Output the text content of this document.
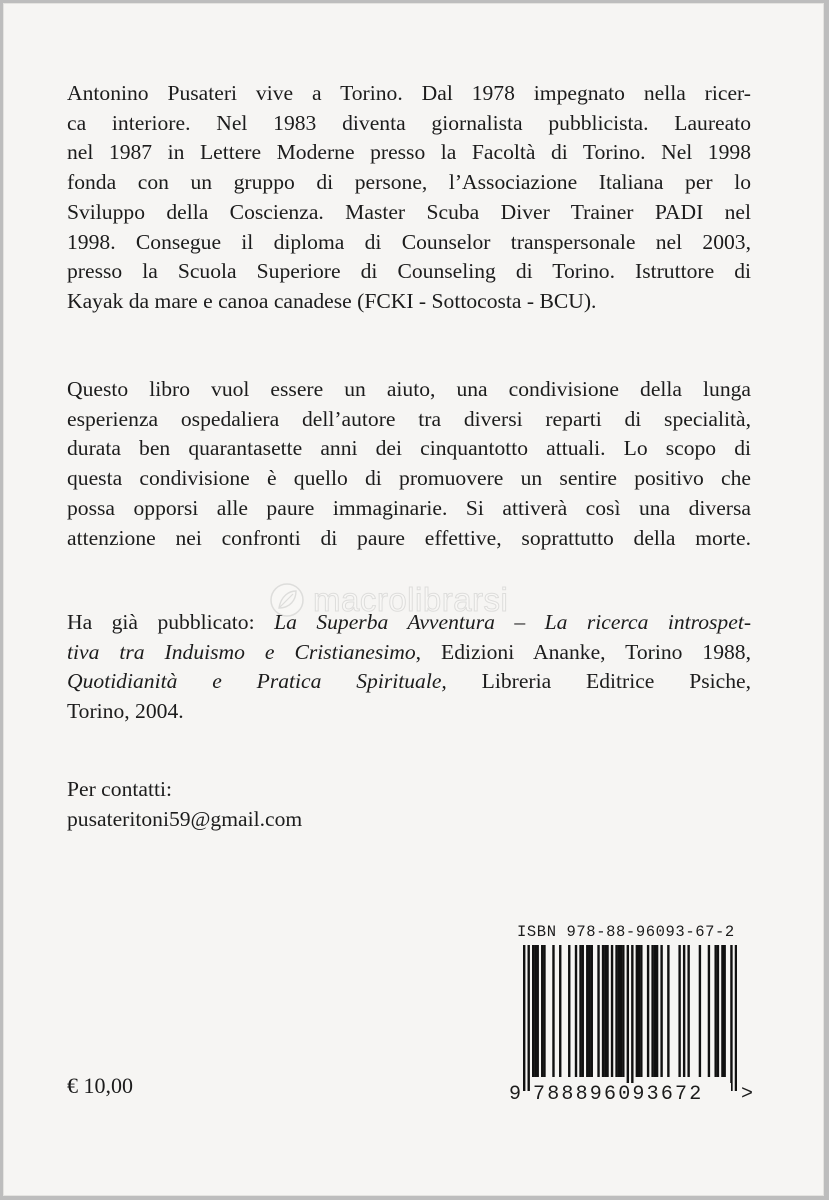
Antonino Pusateri vive a Torino. Dal 1978 impegnato nella ricer-
ca interiore. Nel 1983 diventa giornalista pubblicista. Laureato
nel 1987 in Lettere Moderne presso la Facoltà di Torino. Nel 1998
fonda con un gruppo di persone, l’Associazione Italiana per lo
Sviluppo della Coscienza. Master Scuba Diver Trainer PADI nel
1998. Consegue il diploma di Counselor transpersonale nel 2003,
presso la Scuola Superiore di Counseling di Torino. Istruttore di
Kayak da mare e canoa canadese (FCKI - Sottocosta - BCU).
Questo libro vuol essere un aiuto, una condivisione della lunga
esperienza ospedaliera dell’autore tra diversi reparti di specialità,
durata ben quarantasette anni dei cinquantotto attuali. Lo scopo di
questa condivisione è quello di promuovere un sentire positivo che
possa opporsi alle paure immaginarie. Si attiverà così una diversa
attenzione nei confronti di paure effettive, soprattutto della morte.
macrolibrarsi
Ha già pubblicato: La Superba Avventura – La ricerca introspet-
tiva tra Induismo e Cristianesimo, Edizioni Ananke, Torino 1988,
Quotidianità e Pratica Spirituale, Libreria Editrice Psiche,
Torino, 2004.
Per contatti:
pusateritoni59@gmail.com
ISBN 978-88-96093-67-2
9 788896093672	>
€ 10,00
